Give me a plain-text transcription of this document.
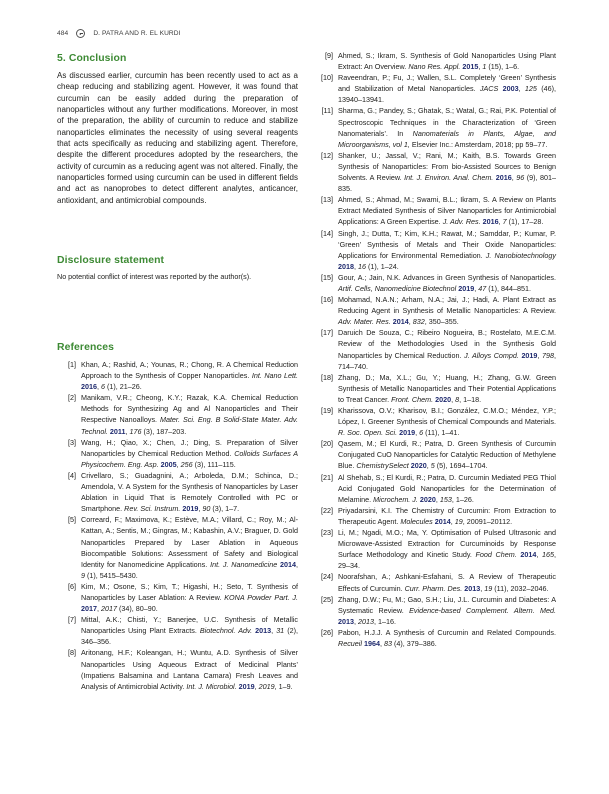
484	D. PATRA AND R. EL KURDI
5. Conclusion
As discussed earlier, curcumin has been recently used to act as a cheap reducing and stabilizing agent. However, it was found that curcumin can be easily added during the preparation of nanoparticles without any further modifications. Moreover, in most of the preparation, the ability of curcumin to reduce and stabilize nanoparticles eliminates the necessity of using several reagents that acts specifically as reducing and stabilizing agent. Therefore, despite the different procedures adopted by the researchers, the activity of curcumin as a reducing agent was not altered. Finally, the nanoparticles formed using curcumin can be used in different fields and act as nanoprobes to detect different analytes, anticancer, antioxidant, and antimicrobial compounds.
Disclosure statement
No potential conflict of interest was reported by the author(s).
References
[1] Khan, A.; Rashid, A.; Younas, R.; Chong, R. A Chemical Reduction Approach to the Synthesis of Copper Nanoparticles. Int. Nano Lett. 2016, 6 (1), 21–26.
[2] Manikam, V.R.; Cheong, K.Y.; Razak, K.A. Chemical Reduction Methods for Synthesizing Ag and Al Nanoparticles and Their Respective Nanoalloys. Mater. Sci. Eng. B Solid-State Mater. Adv. Technol. 2011, 176 (3), 187–203.
[3] Wang, H.; Qiao, X.; Chen, J.; Ding, S. Preparation of Silver Nanoparticles by Chemical Reduction Method. Colloids Surfaces A Physicochem. Eng. Asp. 2005, 256 (3), 111–115.
[4] Crivellaro, S.; Guadagnini, A.; Arboleda, D.M.; Schinca, D.; Amendola, V. A System for the Synthesis of Nanoparticles by Laser Ablation in Liquid That is Remotely Controlled with PC or Smartphone. Rev. Sci. Instrum. 2019, 90 (3), 1–7.
[5] Correard, F.; Maximova, K.; Estève, M.A.; Villard, C.; Roy, M.; Al-Kattan, A.; Sentis, M.; Gingras, M.; Kabashin, A.V.; Braguer, D. Gold Nanoparticles Prepared by Laser Ablation in Aqueous Biocompatible Solutions: Assessment of Safety and Biological Identity for Nanomedicine Applications. Int. J. Nanomedicine 2014, 9 (1), 5415–5430.
[6] Kim, M.; Osone, S.; Kim, T.; Higashi, H.; Seto, T. Synthesis of Nanoparticles by Laser Ablation: A Review. KONA Powder Part. J. 2017, 2017 (34), 80–90.
[7] Mittal, A.K.; Chisti, Y.; Banerjee, U.C. Synthesis of Metallic Nanoparticles Using Plant Extracts. Biotechnol. Adv. 2013, 31 (2), 346–356.
[8] Aritonang, H.F.; Koleangan, H.; Wuntu, A.D. Synthesis of Silver Nanoparticles Using Aqueous Extract of Medicinal Plants’ (Impatiens Balsamina and Lantana Camara) Fresh Leaves and Analysis of Antimicrobial Activity. Int. J. Microbiol. 2019, 2019, 1–9.
[9] Ahmed, S.; Ikram, S. Synthesis of Gold Nanoparticles Using Plant Extract: An Overview. Nano Res. Appl. 2015, 1 (15), 1–6.
[10] Raveendran, P.; Fu, J.; Wallen, S.L. Completely ‘Green’ Synthesis and Stabilization of Metal Nanoparticles. JACS 2003, 125 (46), 13940–13941.
[11] Sharma, G.; Pandey, S.; Ghatak, S.; Watal, G.; Rai, P.K. Potential of Spectroscopic Techniques in the Characterization of ‘Green Nanomaterials’. In Nanomaterials in Plants, Algae, and Microorganisms, vol 1, Elsevier Inc.: Amsterdam, 2018; pp 59–77.
[12] Shanker, U.; Jassal, V.; Rani, M.; Kaith, B.S. Towards Green Synthesis of Nanoparticles: From bio-Assisted Sources to Benign Solvents. A Review. Int. J. Environ. Anal. Chem. 2016, 96 (9), 801–835.
[13] Ahmed, S.; Ahmad, M.; Swami, B.L.; Ikram, S. A Review on Plants Extract Mediated Synthesis of Silver Nanoparticles for Antimicrobial Applications: A Green Expertise. J. Adv. Res. 2016, 7 (1), 17–28.
[14] Singh, J.; Dutta, T.; Kim, K.H.; Rawat, M.; Samddar, P.; Kumar, P. ‘Green’ Synthesis of Metals and Their Oxide Nanoparticles: Applications for Environmental Remediation. J. Nanobiotechnology 2018, 16 (1), 1–24.
[15] Gour, A.; Jain, N.K. Advances in Green Synthesis of Nanoparticles. Artif. Cells, Nanomedicine Biotechnol 2019, 47 (1), 844–851.
[16] Mohamad, N.A.N.; Arham, N.A.; Jai, J.; Hadi, A. Plant Extract as Reducing Agent in Synthesis of Metallic Nanoparticles: A Review. Adv. Mater. Res. 2014, 832, 350–355.
[17] Daruich De Souza, C.; Ribeiro Nogueira, B.; Rostelato, M.E.C.M. Review of the Methodologies Used in the Synthesis Gold Nanoparticles by Chemical Reduction. J. Alloys Compd. 2019, 798, 714–740.
[18] Zhang, D.; Ma, X.L.; Gu, Y.; Huang, H.; Zhang, G.W. Green Synthesis of Metallic Nanoparticles and Their Potential Applications to Treat Cancer. Front. Chem. 2020, 8, 1–18.
[19] Kharissova, O.V.; Kharisov, B.I.; González, C.M.O.; Méndez, Y.P.; López, I. Greener Synthesis of Chemical Compounds and Materials. R. Soc. Open. Sci. 2019, 6 (11), 1–41.
[20] Qasem, M.; El Kurdi, R.; Patra, D. Green Synthesis of Curcumin Conjugated CuO Nanoparticles for Catalytic Reduction of Methylene Blue. ChemistrySelect 2020, 5 (5), 1694–1704.
[21] Al Shehab, S.; El Kurdi, R.; Patra, D. Curcumin Mediated PEG Thiol Acid Conjugated Gold Nanoparticles for the Determination of Melamine. Microchem. J. 2020, 153, 1–26.
[22] Priyadarsini, K.I. The Chemistry of Curcumin: From Extraction to Therapeutic Agent. Molecules 2014, 19, 20091–20112.
[23] Li, M.; Ngadi, M.O.; Ma, Y. Optimisation of Pulsed Ultrasonic and Microwave-Assisted Extraction for Curcuminoids by Response Surface Methodology and Kinetic Study. Food Chem. 2014, 165, 29–34.
[24] Noorafshan, A.; Ashkani-Esfahani, S. A Review of Therapeutic Effects of Curcumin. Curr. Pharm. Des. 2013, 19 (11), 2032–2046.
[25] Zhang, D.W.; Fu, M.; Gao, S.H.; Liu, J.L. Curcumin and Diabetes: A Systematic Review. Evidence-based Complement. Altern. Med. 2013, 2013, 1–16.
[26] Pabon, H.J.J. A Synthesis of Curcumin and Related Compounds. Recueil 1964, 83 (4), 379–386.
